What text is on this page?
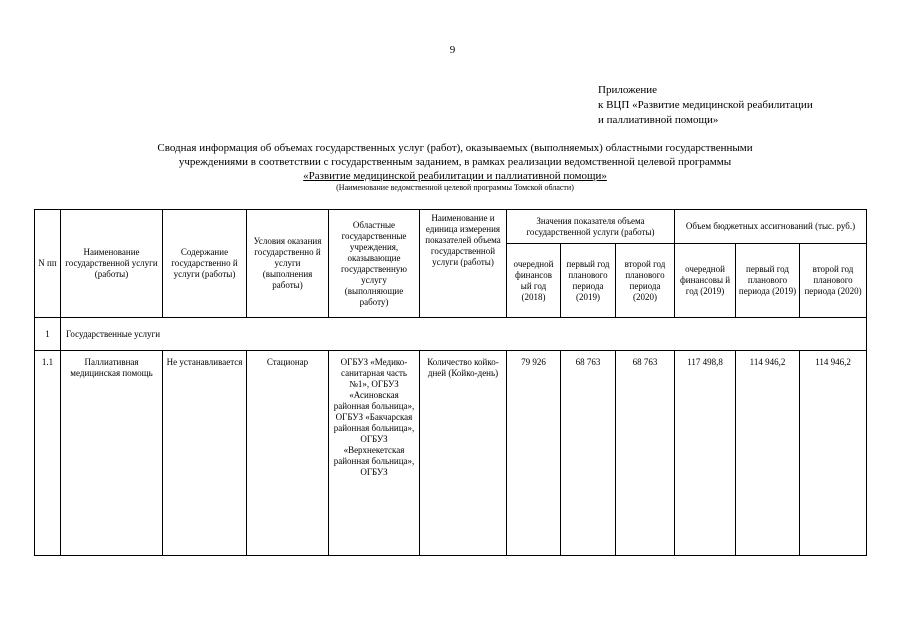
9
Приложение
к ВЦП «Развитие медицинской реабилитации
и паллиативной помощи»
Сводная информация об объемах государственных услуг (работ), оказываемых (выполняемых) областными государственными
учреждениями в соответствии с государственным заданием, в рамках реализации ведомственной целевой программы
«Развитие медицинской реабилитации и паллиативной помощи»
(Наименование ведомственной целевой программы Томской области)
N пп	Наименование государственной услуги (работы)	Содержание государственно й услуги (работы)	Условия оказания государственно й услуги (выполнения работы)	Областные государственные учреждения, оказывающие государственную услугу (выполняющие работу)	Наименование и единица измерения показателей объема государственной услуги (работы)	Значения показателя объема государственной услуги (работы)			Объем бюджетных ассигнований (тыс. руб.)		
						очередной финансов ый год (2018)	первый год планового периода (2019)	второй год планового периода (2020)	очередной финансовы й год (2019)	первый год планового периода (2019)	второй год планового периода (2020)
1	Государственные услуги										
1.1	Паллиативная медицинская помощь	Не устанавливается	Стационар	ОГБУЗ «Медико-санитарная часть №1», ОГБУЗ «Асиновская районная больница», ОГБУЗ «Бакчарская районная больница», ОГБУЗ «Верхнекетская районная больница», ОГБУЗ	Количество койко-дней (Койко-день)	79 926	68 763	68 763	117 498,8	114 946,2	114 946,2
